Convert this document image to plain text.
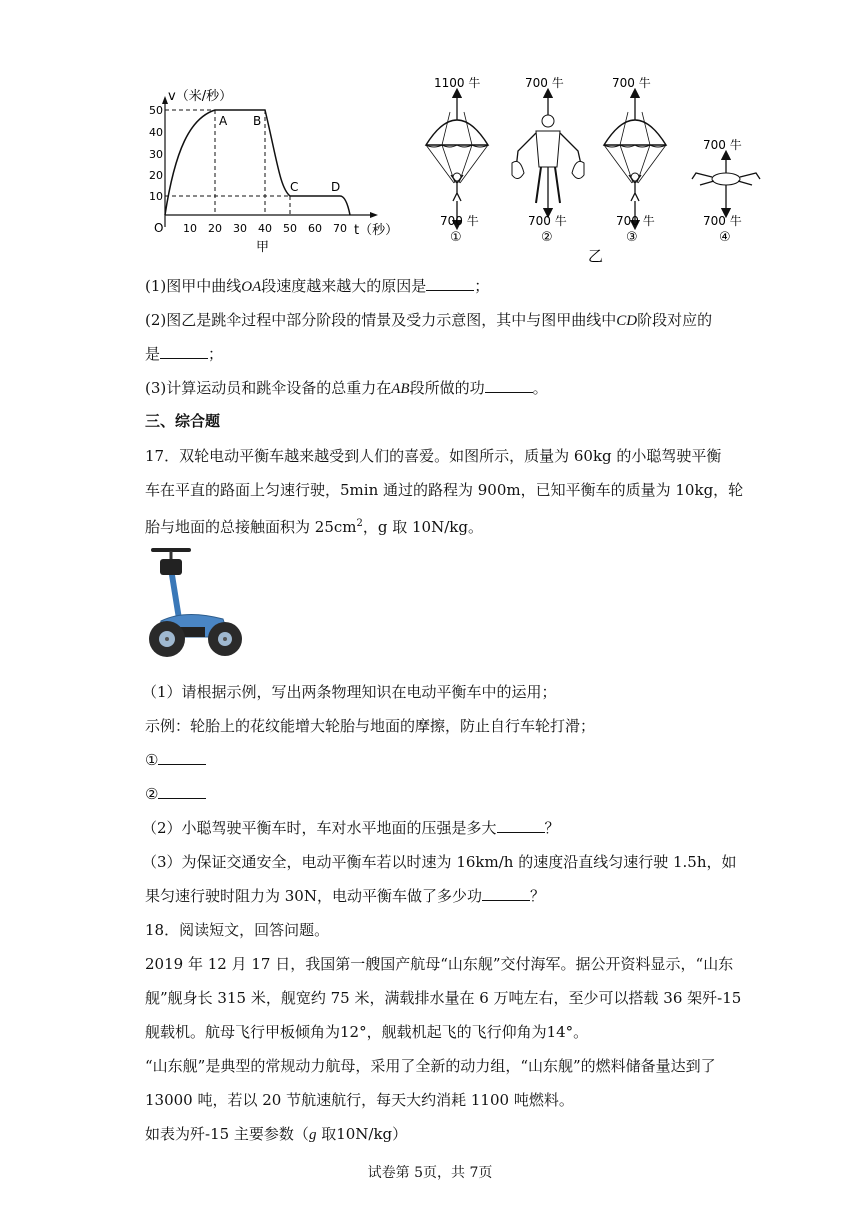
v（米/秒）
t（秒）
O
10
20
30
40
50
10 20 30 40 50 60 70
A B
C	D
甲
1100 牛
700 牛
①
700 牛
700 牛
②
700 牛
700 牛
③
700 牛
700 牛
④
乙
(1)图甲中曲线OA段速度越来越大的原因是	；
(2)图乙是跳伞过程中部分阶段的情景及受力示意图，其中与图甲曲线中CD阶段对应的
是	；
(3)计算运动员和跳伞设备的总重力在AB段所做的功	。
三、综合题
17．双轮电动平衡车越来越受到人们的喜爱。如图所示，质量为 60kg 的小聪驾驶平衡
车在平直的路面上匀速行驶，5min 通过的路程为 900m，已知平衡车的质量为 10kg，轮
胎与地面的总接触面积为 $25cm^2$，g 取 10N/kg。
（1）请根据示例，写出两条物理知识在电动平衡车中的运用；
示例：轮胎上的花纹能增大轮胎与地面的摩擦，防止自行车轮打滑；
①
②
（2）小聪驾驶平衡车时，车对水平地面的压强是多大	？
（3）为保证交通安全，电动平衡车若以时速为 16km/h 的速度沿直线匀速行驶 1.5h，如
果匀速行驶时阻力为 30N，电动平衡车做了多少功	？
18．阅读短文，回答问题。
2019 年 12 月 17 日，我国第一艘国产航母“山东舰”交付海军。据公开资料显示，“山东
舰”舰身长 315 米，舰宽约 75 米，满载排水量在 6 万吨左右，至少可以搭载 36 架歼-15
舰载机。航母飞行甲板倾角为12°，舰载机起飞的飞行仰角为14°。
“山东舰”是典型的常规动力航母，采用了全新的动力组，“山东舰”的燃料储备量达到了
13000 吨，若以 20 节航速航行，每天大约消耗 1100 吨燃料。
如表为歼-15 主要参数（g 取10N/kg）
试卷第 5页，共 7页
